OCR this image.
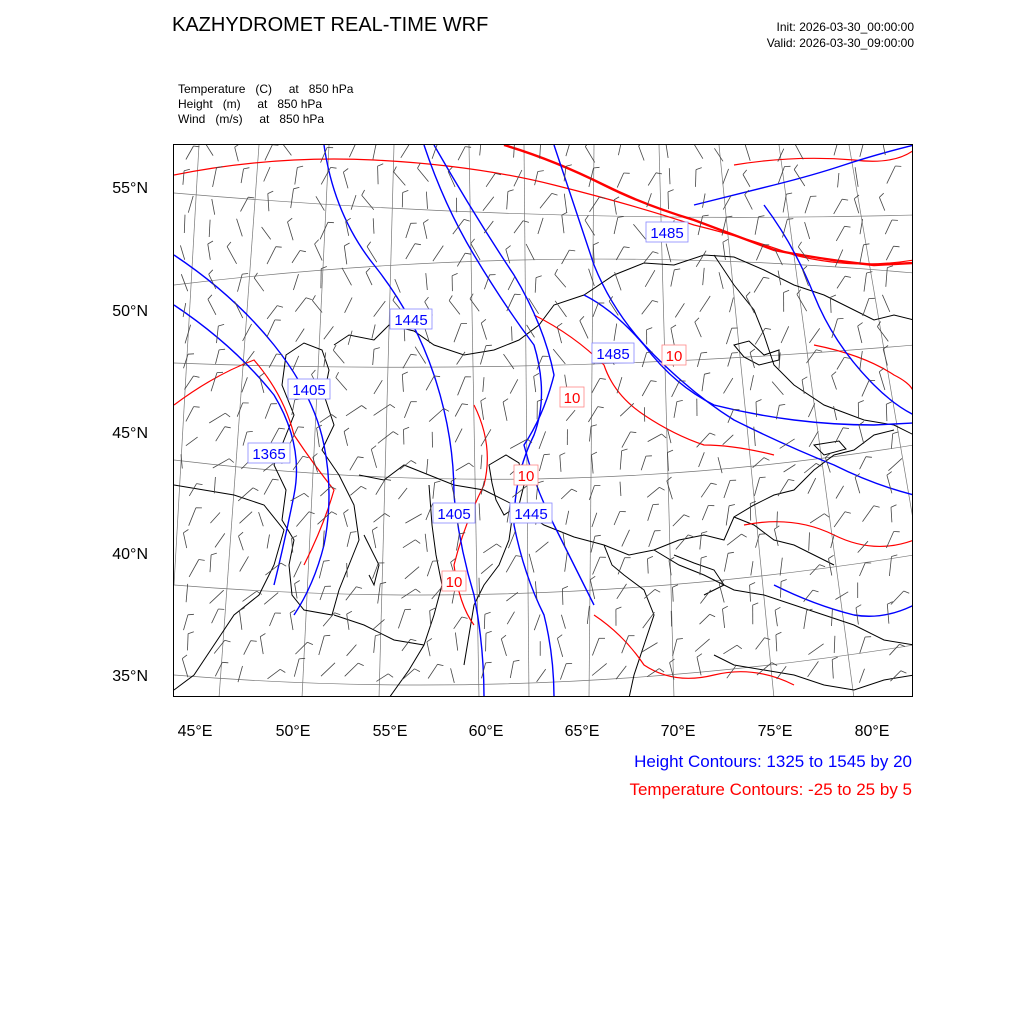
KAZHYDROMET REAL-TIME WRF	Init: 2026-03-30_00:00:00
Valid: 2026-03-30_09:00:00
Temperature   (C)     at   850 hPa
Height   (m)     at   850 hPa
Wind   (m/s)     at   850 hPa
1485
1445
1485
1405
1365
1405	1445
10
10
10
10
55°N
50°N
45°N
40°N
35°N
45°E	50°E	55°E	60°E	65°E	70°E	75°E	80°E
Height Contours: 1325 to 1545 by 20
Temperature Contours: -25 to 25 by 5
